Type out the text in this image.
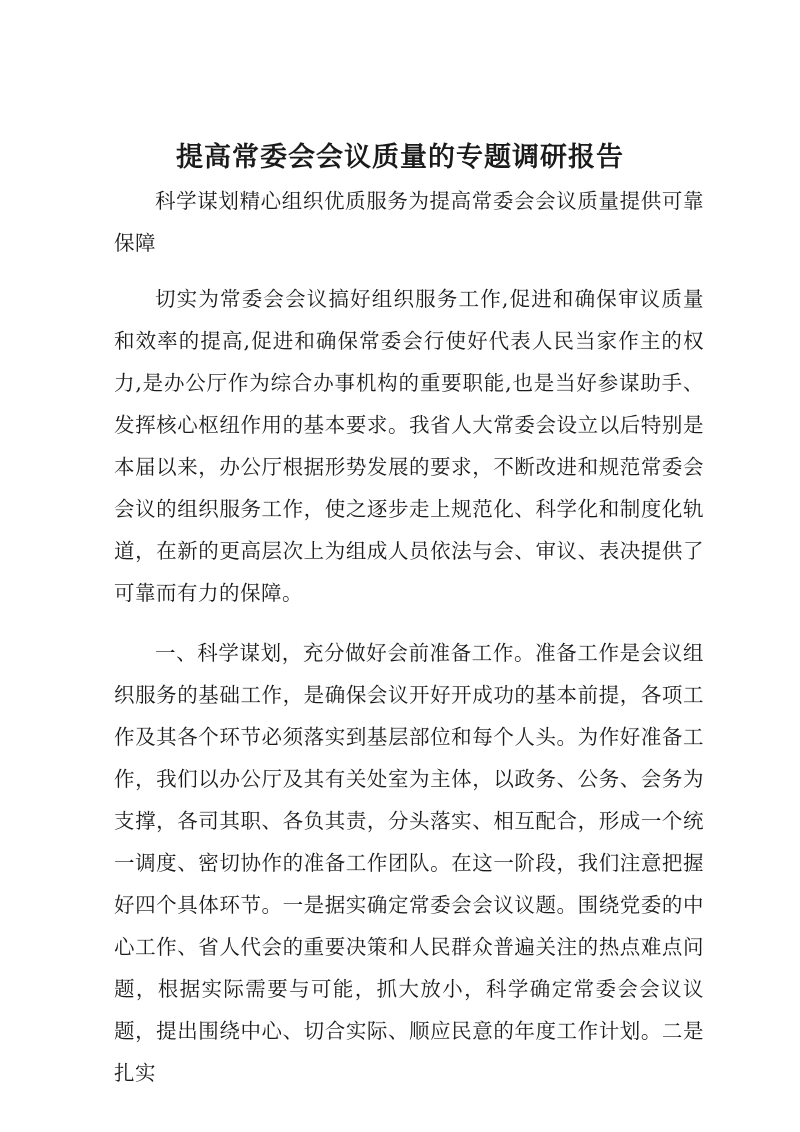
提高常委会会议质量的专题调研报告

科学谋划精心组织优质服务为提高常委会会议质量提供可靠保障

切实为常委会会议搞好组织服务工作,促进和确保审议质量和效率的提高,促进和确保常委会行使好代表人民当家作主的权力,是办公厅作为综合办事机构的重要职能,也是当好参谋助手、发挥核心枢纽作用的基本要求。我省人大常委会设立以后特别是本届以来，办公厅根据形势发展的要求，不断改进和规范常委会会议的组织服务工作，使之逐步走上规范化、科学化和制度化轨道，在新的更高层次上为组成人员依法与会、审议、表决提供了可靠而有力的保障。

一、科学谋划，充分做好会前准备工作。准备工作是会议组织服务的基础工作，是确保会议开好开成功的基本前提，各项工作及其各个环节必须落实到基层部位和每个人头。为作好准备工作，我们以办公厅及其有关处室为主体，以政务、公务、会务为支撑，各司其职、各负其责，分头落实、相互配合，形成一个统一调度、密切协作的准备工作团队。在这一阶段，我们注意把握好四个具体环节。一是据实确定常委会会议议题。围绕党委的中心工作、省人代会的重要决策和人民群众普遍关注的热点难点问题，根据实际需要与可能，抓大放小，科学确定常委会会议议题，提出围绕中心、切合实际、顺应民意的年度工作计划。二是扎实
